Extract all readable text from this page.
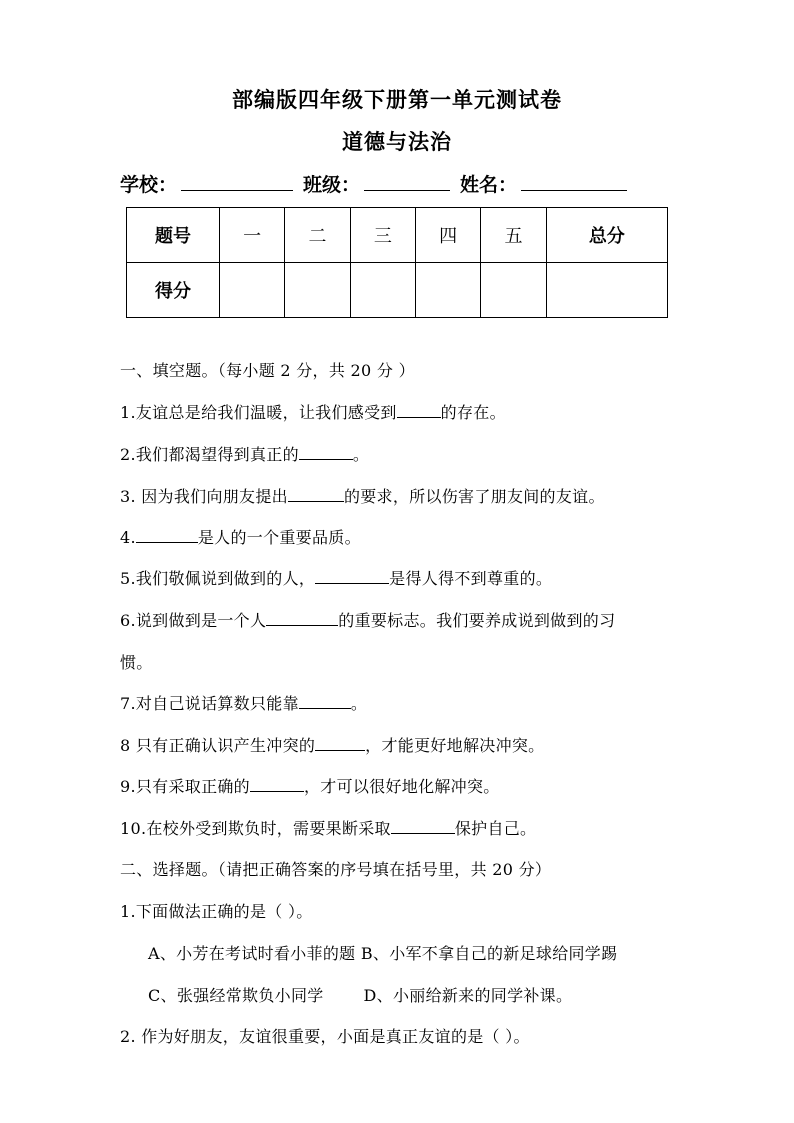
部编版四年级下册第一单元测试卷
道德与法治
学校：	班级：	姓名：
题号	一	二	三	四	五	总分
得分						
一、填空题。（每小题 2 分，共 20 分 ）
1.友谊总是给我们温暖，让我们感受到	的存在。
2.我们都渴望得到真正的	。
3. 因为我们向朋友提出	的要求，所以伤害了朋友间的友谊。
4.	是人的一个重要品质。
5.我们敬佩说到做到的人，	是得人得不到尊重的。
6.说到做到是一个人	的重要标志。我们要养成说到做到的习
惯。
7.对自己说话算数只能靠	。
8 只有正确认识产生冲突的	，才能更好地解决冲突。
9.只有采取正确的	，才可以很好地化解冲突。
10.在校外受到欺负时，需要果断采取	保护自己。
二、选择题。（请把正确答案的序号填在括号里，共 20 分）
1.下面做法正确的是（ ）。
A、小芳在考试时看小菲的题 B、小军不拿自己的新足球给同学踢
C、张强经常欺负小同学	D、小丽给新来的同学补课。
2. 作为好朋友，友谊很重要，小面是真正友谊的是（ ）。
